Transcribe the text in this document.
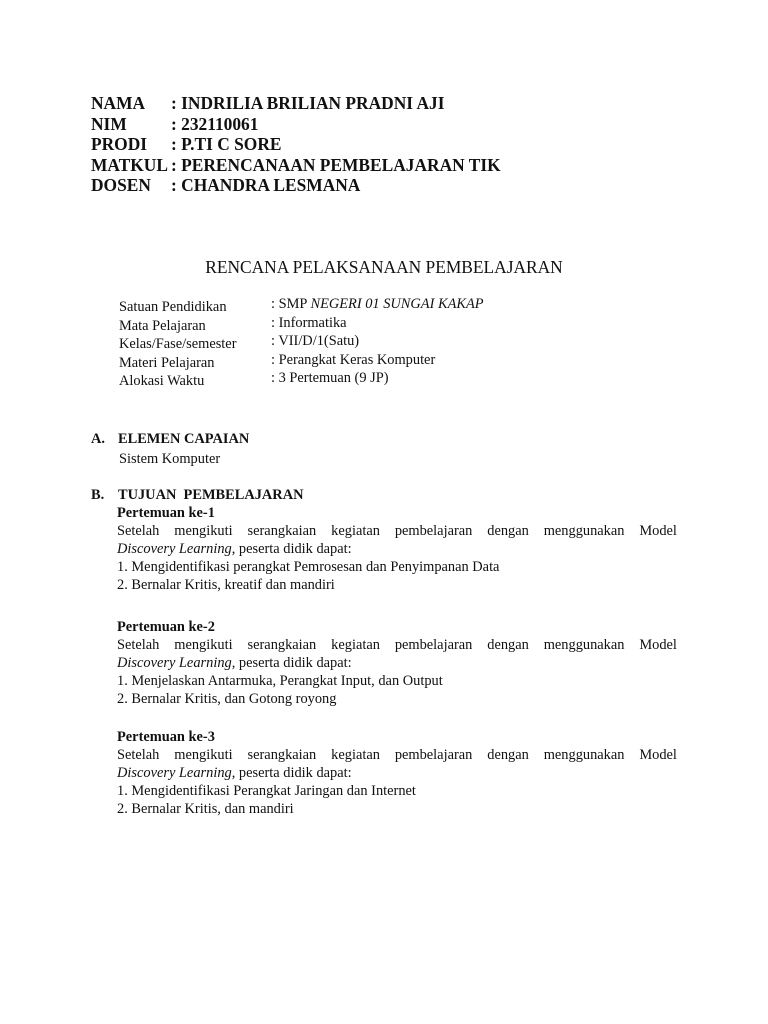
NAMA : INDRILIA BRILIAN PRADNI AJI
NIM	: 232110061
PRODI : P.TI C SORE
MATKUL : PERENCANAAN PEMBELAJARAN TIK
DOSEN : CHANDRA LESMANA
RENCANA PELAKSANAAN PEMBELAJARAN
Satuan Pendidikan	: SMP NEGERI 01 SUNGAI KAKAP
Mata Pelajaran	: Informatika
Kelas/Fase/semester : VII/D/1(Satu)
Materi Pelajaran	: Perangkat Keras Komputer
Alokasi Waktu	: 3 Pertemuan (9 JP)
A. ELEMEN CAPAIAN
Sistem Komputer
B. TUJUAN  PEMBELAJARAN
Pertemuan ke-1
Setelah mengikuti serangkaian kegiatan pembelajaran dengan menggunakan Model
Discovery Learning, peserta didik dapat:
1. Mengidentifikasi perangkat Pemrosesan dan Penyimpanan Data
2. Bernalar Kritis, kreatif dan mandiri
Pertemuan ke-2
Setelah mengikuti serangkaian kegiatan pembelajaran dengan menggunakan Model
Discovery Learning, peserta didik dapat:
1. Menjelaskan Antarmuka, Perangkat Input, dan Output
2. Bernalar Kritis, dan Gotong royong
Pertemuan ke-3
Setelah mengikuti serangkaian kegiatan pembelajaran dengan menggunakan Model
Discovery Learning, peserta didik dapat:
1. Mengidentifikasi Perangkat Jaringan dan Internet
2. Bernalar Kritis, dan mandiri
